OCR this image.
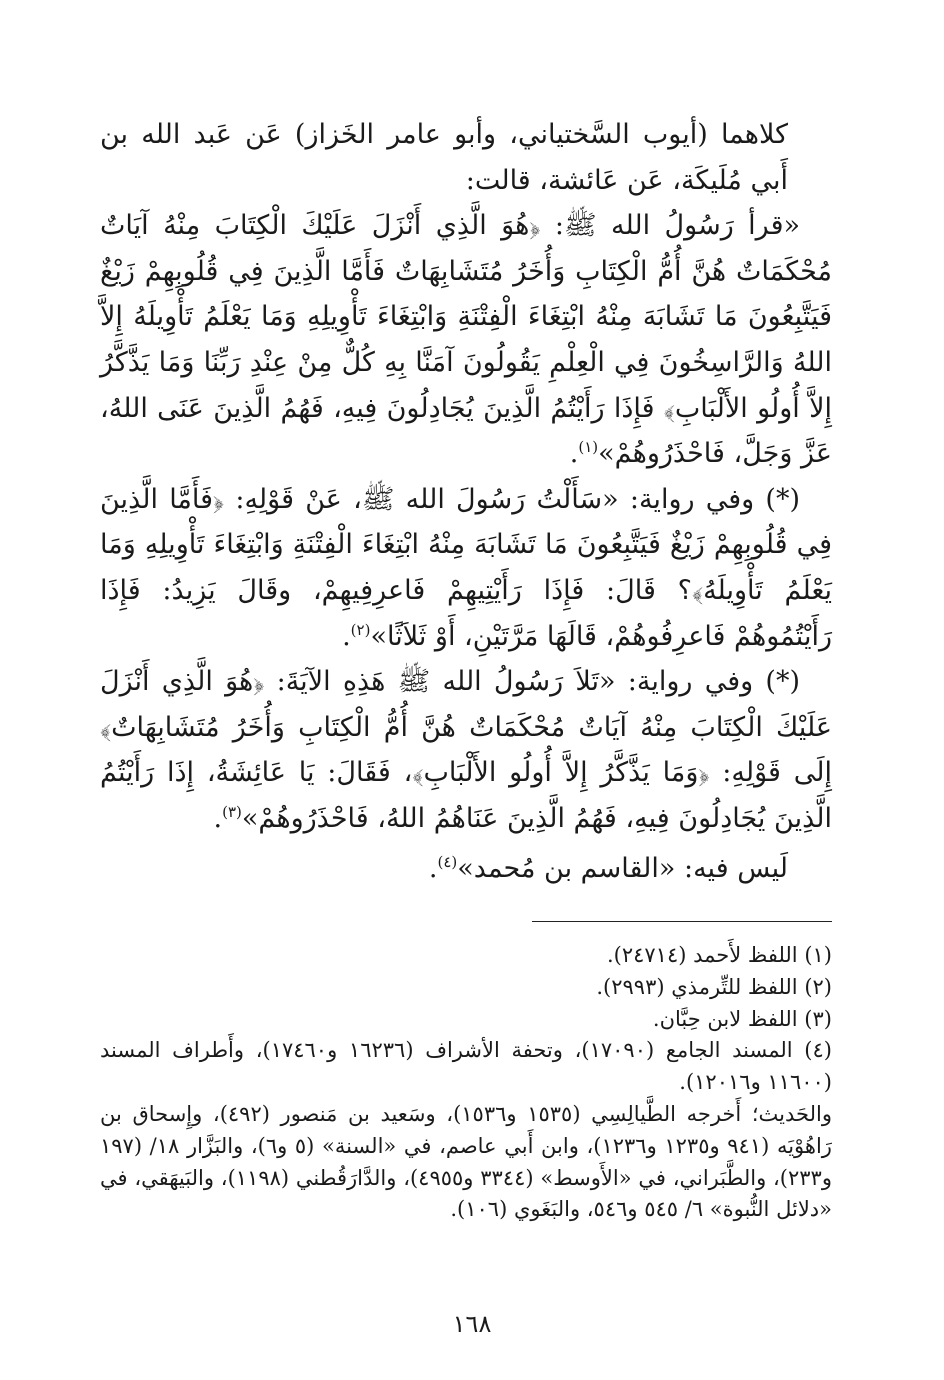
كلاهما (أيوب السَّختياني، وأبو عامر الخَزاز) عَن عَبد الله بن أَبي مُلَيكَة، عَن عَائشة، قالت:

«قرأ رَسُولُ الله ﷺ: ﴿هُوَ الَّذِي أَنْزَلَ عَلَيْكَ الْكِتَابَ مِنْهُ آيَاتٌ مُحْكَمَاتٌ هُنَّ أُمُّ الْكِتَابِ وَأُخَرُ مُتَشَابِهَاتٌ فَأَمَّا الَّذِينَ فِي قُلُوبِهِمْ زَيْغٌ فَيَتَّبِعُونَ مَا تَشَابَهَ مِنْهُ ابْتِغَاءَ الْفِتْنَةِ وَابْتِغَاءَ تَأْوِيلِهِ وَمَا يَعْلَمُ تَأْوِيلَهُ إِلاَّ اللهُ وَالرَّاسِخُونَ فِي الْعِلْمِ يَقُولُونَ آمَنَّا بِهِ كُلٌّ مِنْ عِنْدِ رَبِّنَا وَمَا يَذَّكَّرُ إِلاَّ أُولُو الأَلْبَابِ﴾ فَإِذَا رَأَيْتُمُ الَّذِينَ يُجَادِلُونَ فِيهِ، فَهُمُ الَّذِينَ عَنَى اللهُ، عَزَّ وَجَلَّ، فَاحْذَرُوهُمْ»$^{(١)}$.

(*) وفي رواية: «سَأَلْتُ رَسُولَ الله ﷺ، عَنْ قَوْلِهِ: ﴿فَأَمَّا الَّذِينَ فِي قُلُوبِهِمْ زَيْغٌ فَيَتَّبِعُونَ مَا تَشَابَهَ مِنْهُ ابْتِغَاءَ الْفِتْنَةِ وَابْتِغَاءَ تَأْوِيلِهِ وَمَا يَعْلَمُ تَأْوِيلَهُ﴾؟ قَالَ: فَإِذَا رَأَيْتِيهِمْ فَاعرِفِيهِمْ، وقَالَ يَزِيدُ: فَإِذَا رَأَيْتُمُوهُمْ فَاعرِفُوهُمْ، قَالَهَا مَرَّتَيْنِ، أَوْ ثَلاَثًا»$^{(٢)}$.

(*) وفي رواية: «تَلاَ رَسُولُ الله ﷺ هَذِهِ الآيَةَ: ﴿هُوَ الَّذِي أَنْزَلَ عَلَيْكَ الْكِتَابَ مِنْهُ آيَاتٌ مُحْكَمَاتٌ هُنَّ أُمُّ الْكِتَابِ وَأُخَرُ مُتَشَابِهَاتٌ﴾ إِلَى قَوْلِهِ: ﴿وَمَا يَذَّكَّرُ إِلاَّ أُولُو الأَلْبَابِ﴾، فَقَالَ: يَا عَائِشَةُ، إِذَا رَأَيْتُمُ الَّذِينَ يُجَادِلُونَ فِيهِ، فَهُمُ الَّذِينَ عَنَاهُمُ اللهُ، فَاحْذَرُوهُمْ»$^{(٣)}$.

لَيس فيه: «القاسم بن مُحمد»$^{(٤)}$.

(١) اللفظ لأَحمد (٢٤٧١٤).

(٢) اللفظ للتِّرمذي (٢٩٩٣).

(٣) اللفظ لابن حِبَّان.

(٤) المسند الجامع (١٧٠٩٠)، وتحفة الأشراف (١٦٢٣٦ و١٧٤٦٠)، وأَطراف المسند (١١٦٠٠ و١٢٠١٦).

والحَديث؛ أَخرجه الطَّيالِسِي (١٥٣٥ و١٥٣٦)، وسَعيد بن مَنصور (٤٩٢)، وإِسحاق بن رَاهُوْيَه (٩٤١ و١٢٣٥ و١٢٣٦)، وابن أَبي عاصم، في «السنة» (٥ و٦)، والبَزَّار ١٨/ (١٩٧ و٢٣٣)، والطَّبَراني، في «الأَوسط» (٣٣٤٤ و٤٩٥٥)، والدَّارَقُطني (١١٩٨)، والبَيهَقي، في «دلائل النُّبوة» ٦/ ٥٤٥ و٥٤٦، والبَغَوي (١٠٦).

١٦٨
